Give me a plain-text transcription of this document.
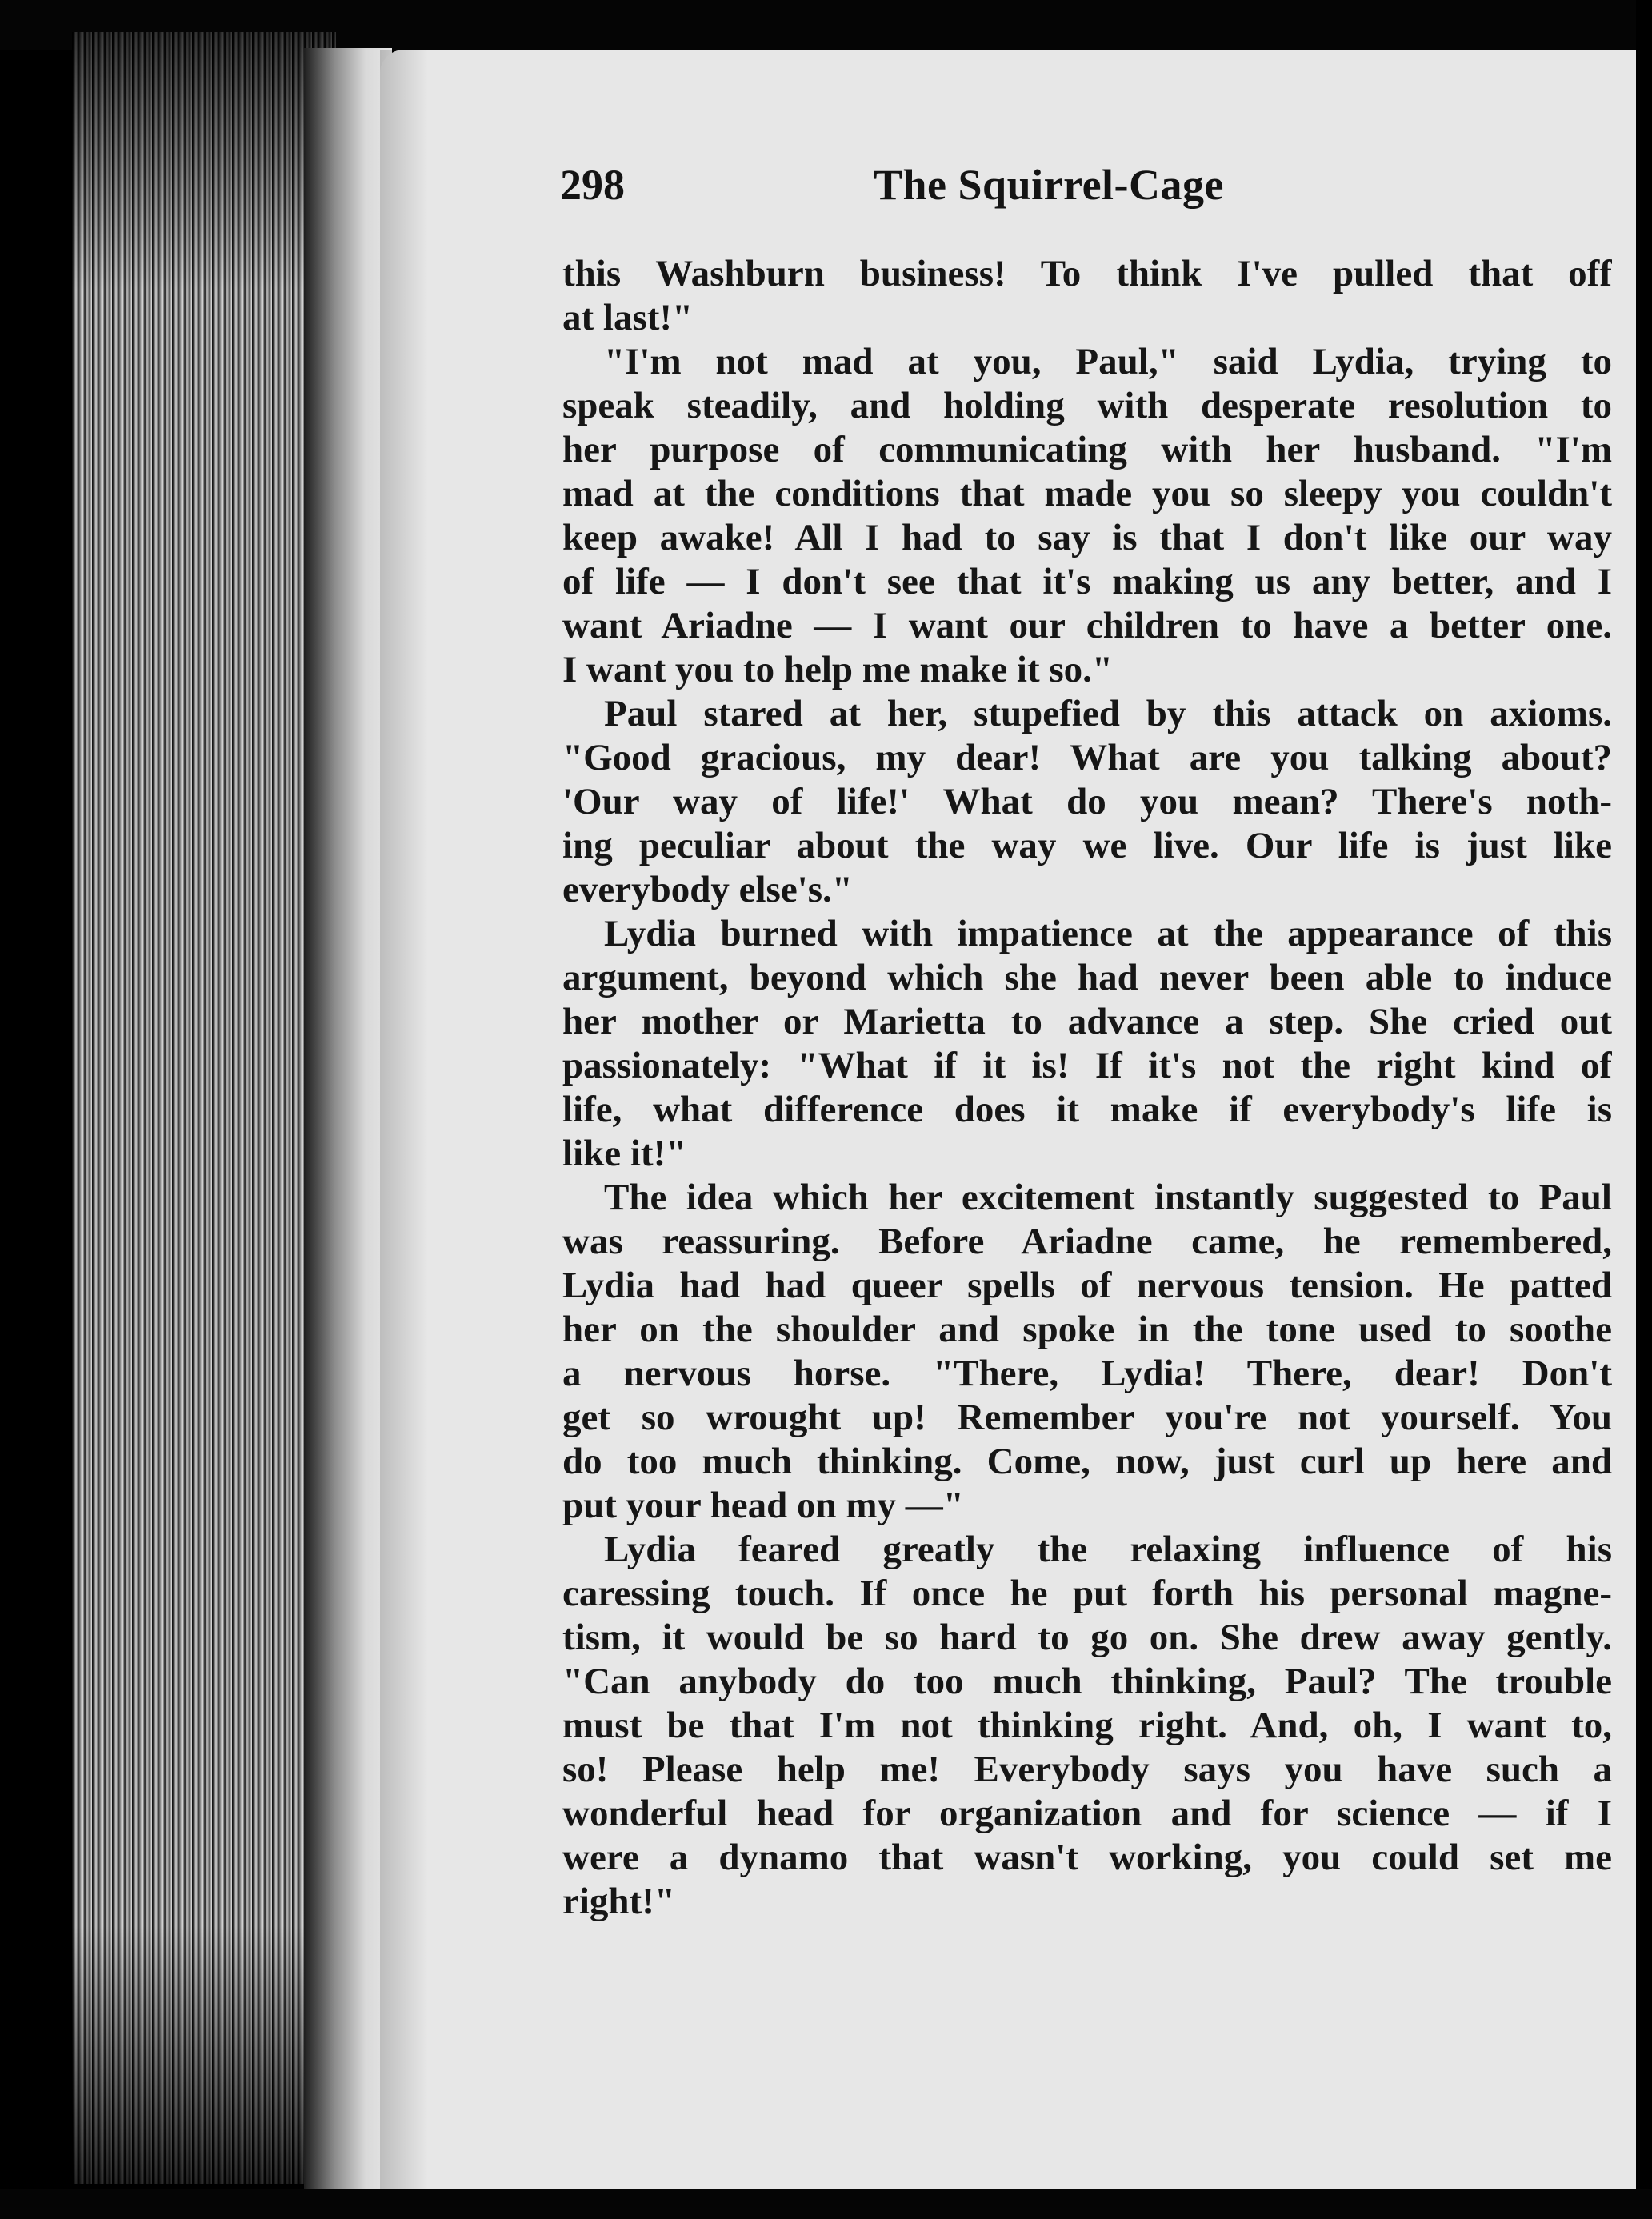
298	The Squirrel-Cage
this Washburn business! To think I've pulled that off
at last!"
"I'm not mad at you, Paul," said Lydia, trying to
speak steadily, and holding with desperate resolution to
her purpose of communicating with her husband. "I'm
mad at the conditions that made you so sleepy you couldn't
keep awake! All I had to say is that I don't like our way
of life — I don't see that it's making us any better, and I
want Ariadne — I want our children to have a better one.
I want you to help me make it so."
Paul stared at her, stupefied by this attack on axioms.
"Good gracious, my dear! What are you talking about?
'Our way of life!' What do you mean? There's noth-
ing peculiar about the way we live. Our life is just like
everybody else's."
Lydia burned with impatience at the appearance of this
argument, beyond which she had never been able to induce
her mother or Marietta to advance a step. She cried out
passionately: "What if it is! If it's not the right kind of
life, what difference does it make if everybody's life is
like it!"
The idea which her excitement instantly suggested to Paul
was reassuring. Before Ariadne came, he remembered,
Lydia had had queer spells of nervous tension. He patted
her on the shoulder and spoke in the tone used to soothe
a nervous horse. "There, Lydia! There, dear! Don't
get so wrought up! Remember you're not yourself. You
do too much thinking. Come, now, just curl up here and
put your head on my —"
Lydia feared greatly the relaxing influence of his
caressing touch. If once he put forth his personal magne-
tism, it would be so hard to go on. She drew away gently.
"Can anybody do too much thinking, Paul? The trouble
must be that I'm not thinking right. And, oh, I want to,
so! Please help me! Everybody says you have such a
wonderful head for organization and for science — if I
were a dynamo that wasn't working, you could set me
right!"
